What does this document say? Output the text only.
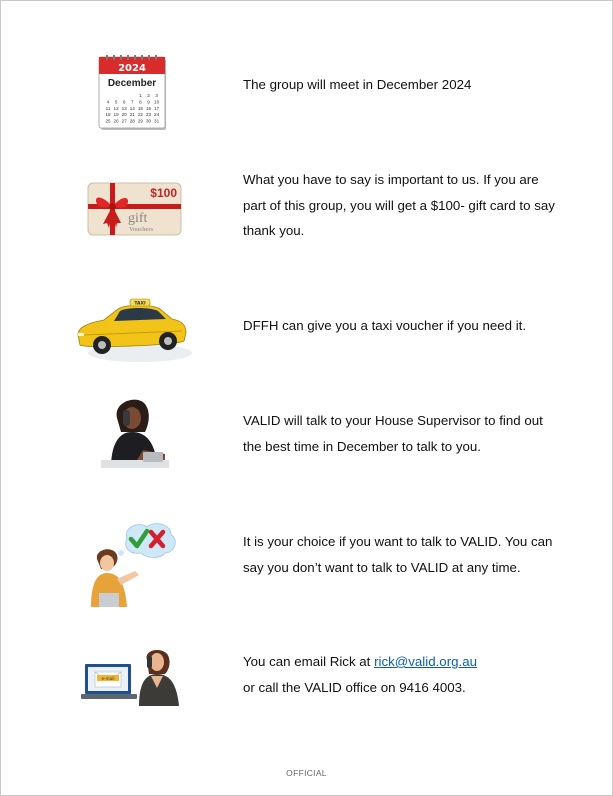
2024
December
1 2 3
4 5 6 7 8 9 10
11 12 13 14 15 16 17
18 19 20 21 22 23 24
25 26 27 28 29 30 31
The group will meet in December 2024
$100
gift
Vouchers
What you have to say is important to us. If you are part of this group, you will get a $100- gift card to say thank you.
TAXI
DFFH can give you a taxi voucher if you need it.
VALID will talk to your House Supervisor to find out the best time in December to talk to you.
It is your choice if you want to talk to VALID. You can say you don’t want to talk to VALID at any time.
e-mail
You can email Rick at rick@valid.org.au
or call the VALID office on 9416 4003.
OFFICIAL
